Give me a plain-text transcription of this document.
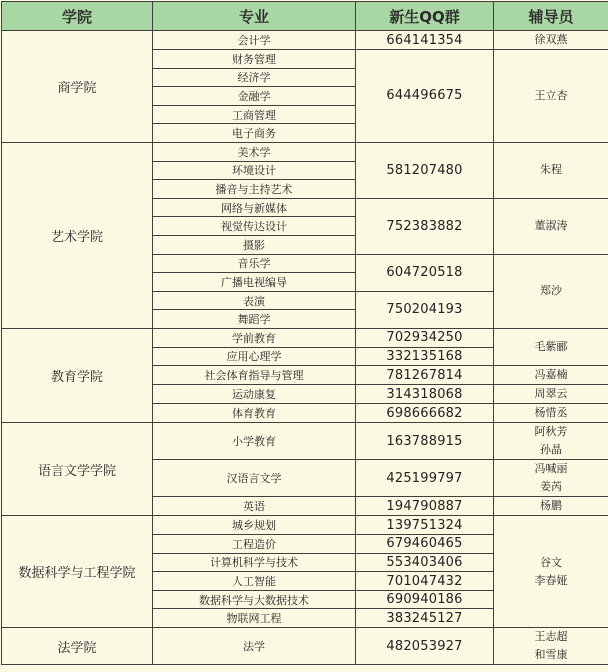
学院	专业	新生QQ群	辅导员	
商学院	会计学	664141354	徐双燕	
	财务管理	644496675	王立杏	
	经济学			
	金融学			
	工商管理			
	电子商务			
艺术学院	美术学	581207480	朱程	
	环境设计			
	播音与主持艺术			
	网络与新媒体	752383882	董淑涛	
	视觉传达设计			
	摄影			
	音乐学	604720518	郑沙	
	广播电视编导			
	表演	750204193		
	舞蹈学			
教育学院	学前教育	702934250	毛紫郦	
	应用心理学	332135168		
	社会体育指导与管理	781267814	冯嘉楠	
	运动康复	314318068	周翠云	
	体育教育	698666682	杨惜丞	
语言文学学院	小学教育	163788915	阿秋芳
孙晶	

	汉语言文学	425199797	冯喊丽
姜芮	

	英语	194790887	杨鹏	
数据科学与工程学院	城乡规划	139751324	谷文
李春娅	

	工程造价	679460465		
	计算机科学与技术	553403406		
	人工智能	701047432		
	数据科学与大数据技术	690940186		
	物联网工程	383245127		
法学院	法学	482053927	王志超
和雪康	
